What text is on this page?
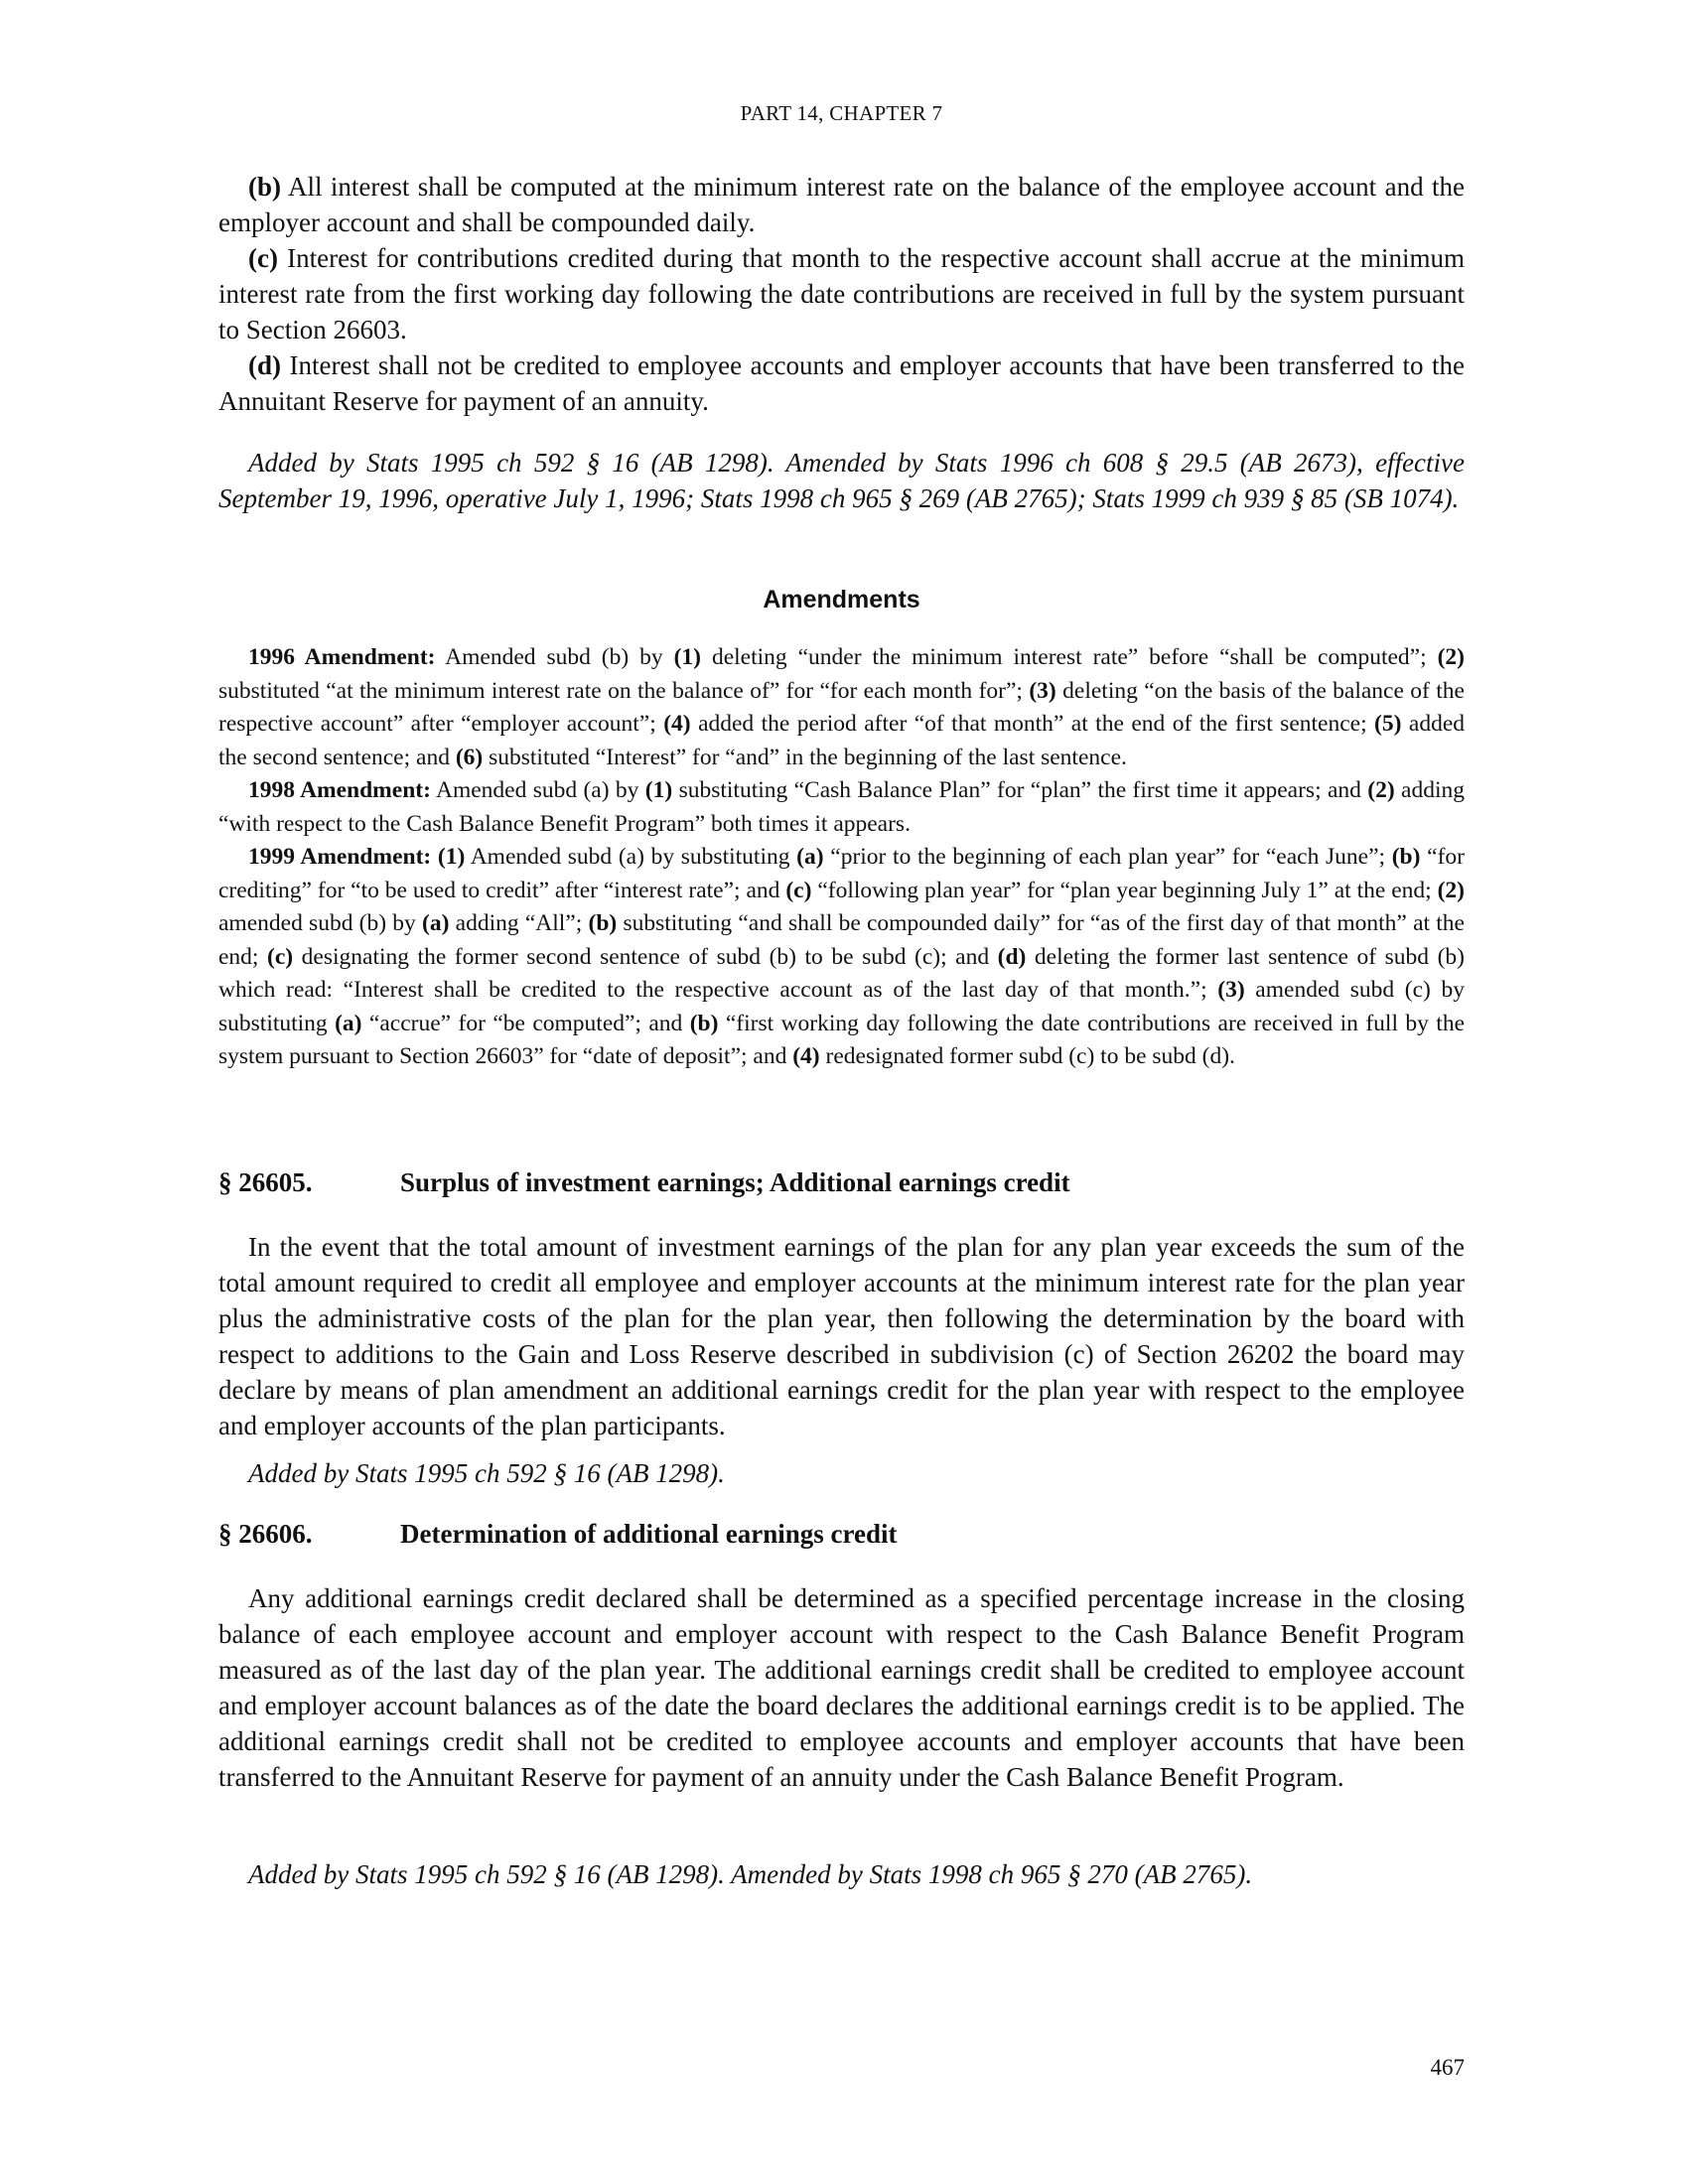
PART 14, CHAPTER 7

(b) All interest shall be computed at the minimum interest rate on the balance of the employee account and the employer account and shall be compounded daily.

(c) Interest for contributions credited during that month to the respective account shall accrue at the minimum interest rate from the first working day following the date contributions are received in full by the system pursuant to Section 26603.

(d) Interest shall not be credited to employee accounts and employer accounts that have been transferred to the Annuitant Reserve for payment of an annuity.

Added by Stats 1995 ch 592 § 16 (AB 1298). Amended by Stats 1996 ch 608 § 29.5 (AB 2673), effective September 19, 1996, operative July 1, 1996; Stats 1998 ch 965 § 269 (AB 2765); Stats 1999 ch 939 § 85 (SB 1074).

Amendments

1996 Amendment: Amended subd (b) by (1) deleting “under the minimum interest rate” before “shall be computed”; (2) substituted “at the minimum interest rate on the balance of” for “for each month for”; (3) deleting “on the basis of the balance of the respective account” after “employer account”; (4) added the period after “of that month” at the end of the first sentence; (5) added the second sentence; and (6) substituted “Interest” for “and” in the beginning of the last sentence.

1998 Amendment: Amended subd (a) by (1) substituting “Cash Balance Plan” for “plan” the first time it appears; and (2) adding “with respect to the Cash Balance Benefit Program” both times it appears.

1999 Amendment: (1) Amended subd (a) by substituting (a) “prior to the beginning of each plan year” for “each June”; (b) “for crediting” for “to be used to credit” after “interest rate”; and (c) “following plan year” for “plan year beginning July 1” at the end; (2) amended subd (b) by (a) adding “All”; (b) substituting “and shall be compounded daily” for “as of the first day of that month” at the end; (c) designating the former second sentence of subd (b) to be subd (c); and (d) deleting the former last sentence of subd (b) which read: “Interest shall be credited to the respective account as of the last day of that month.”; (3) amended subd (c) by substituting (a) “accrue” for “be computed”; and (b) “first working day following the date contributions are received in full by the system pursuant to Section 26603” for “date of deposit”; and (4) redesignated former subd (c) to be subd (d).

§ 26605.	Surplus of investment earnings; Additional earnings credit

In the event that the total amount of investment earnings of the plan for any plan year exceeds the sum of the total amount required to credit all employee and employer accounts at the minimum interest rate for the plan year plus the administrative costs of the plan for the plan year, then following the determination by the board with respect to additions to the Gain and Loss Reserve described in subdivision (c) of Section 26202 the board may declare by means of plan amendment an additional earnings credit for the plan year with respect to the employee and employer accounts of the plan participants.

Added by Stats 1995 ch 592 § 16 (AB 1298).

§ 26606.	Determination of additional earnings credit

Any additional earnings credit declared shall be determined as a specified percentage increase in the closing balance of each employee account and employer account with respect to the Cash Balance Benefit Program measured as of the last day of the plan year. The additional earnings credit shall be credited to employee account and employer account balances as of the date the board declares the additional earnings credit is to be applied. The additional earnings credit shall not be credited to employee accounts and employer accounts that have been transferred to the Annuitant Reserve for payment of an annuity under the Cash Balance Benefit Program.

Added by Stats 1995 ch 592 § 16 (AB 1298). Amended by Stats 1998 ch 965 § 270 (AB 2765).

467
